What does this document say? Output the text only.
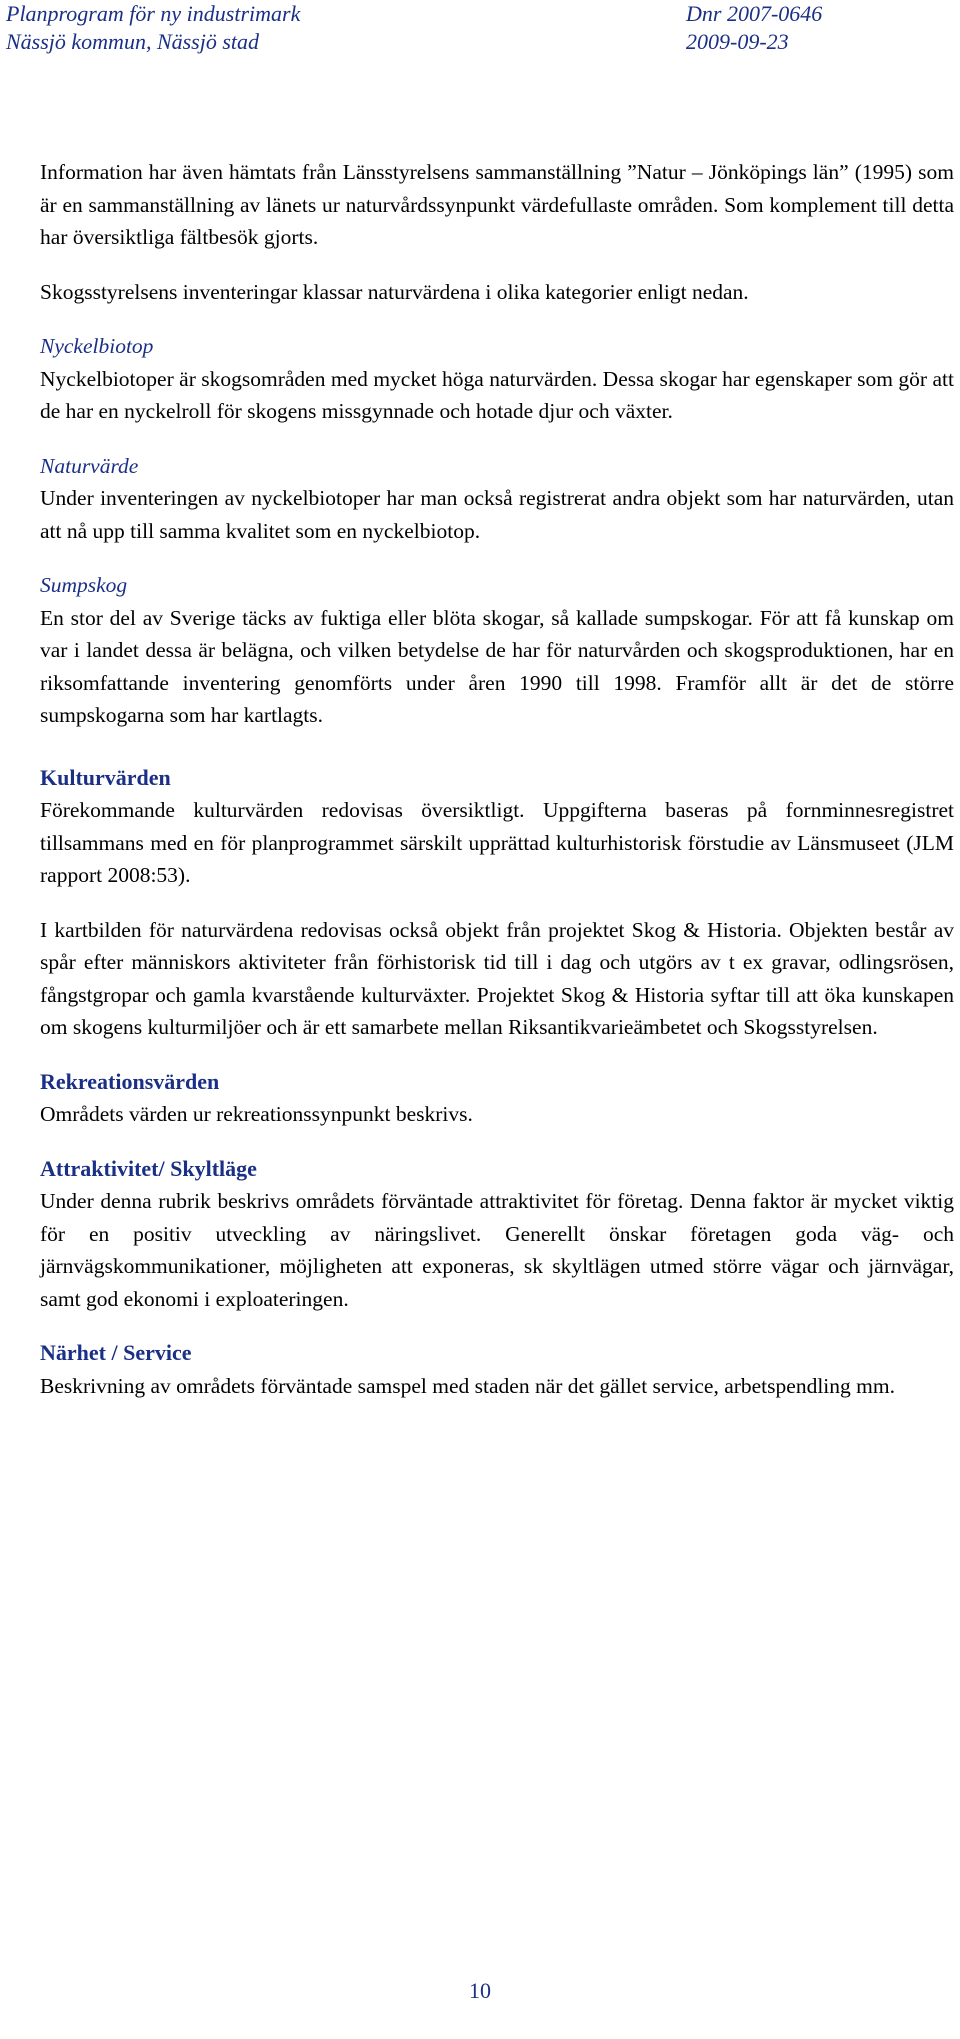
Planprogram för ny industrimark
Nässjö kommun, Nässjö stad
Dnr 2007-0646
2009-09-23

Information har även hämtats från Länsstyrelsens sammanställning ”Natur – Jönköpings län” (1995) som är en sammanställning av länets ur naturvårdssynpunkt värdefullaste områden. Som komplement till detta har översiktliga fältbesök gjorts.

Skogsstyrelsens inventeringar klassar naturvärdena i olika kategorier enligt nedan.

Nyckelbiotop

Nyckelbiotoper är skogsområden med mycket höga naturvärden. Dessa skogar har egenskaper som gör att de har en nyckelroll för skogens missgynnade och hotade djur och växter.

Naturvärde

Under inventeringen av nyckelbiotoper har man också registrerat andra objekt som har naturvärden, utan att nå upp till samma kvalitet som en nyckelbiotop.

Sumpskog

En stor del av Sverige täcks av fuktiga eller blöta skogar, så kallade sumpskogar. För att få kunskap om var i landet dessa är belägna, och vilken betydelse de har för naturvården och skogsproduktionen, har en riksomfattande inventering genomförts under åren 1990 till 1998. Framför allt är det de större sumpskogarna som har kartlagts.

Kulturvärden

Förekommande kulturvärden redovisas översiktligt. Uppgifterna baseras på fornminnesregistret tillsammans med en för planprogrammet särskilt upprättad kulturhistorisk förstudie av Länsmuseet (JLM rapport 2008:53).

I kartbilden för naturvärdena redovisas också objekt från projektet Skog & Historia. Objekten består av spår efter människors aktiviteter från förhistorisk tid till i dag och utgörs av t ex gravar, odlingsrösen, fångstgropar och gamla kvarstående kulturväxter. Projektet Skog & Historia syftar till att öka kunskapen om skogens kulturmiljöer och är ett samarbete mellan Riksantikvarieämbetet och Skogsstyrelsen.

Rekreationsvärden

Områdets värden ur rekreationssynpunkt beskrivs.

Attraktivitet/ Skyltläge

Under denna rubrik beskrivs områdets förväntade attraktivitet för företag. Denna faktor är mycket viktig för en positiv utveckling av näringslivet. Generellt önskar företagen goda väg- och järnvägskommunikationer, möjligheten att exponeras, sk skyltlägen utmed större vägar och järnvägar, samt god ekonomi i exploateringen.

Närhet / Service

Beskrivning av områdets förväntade samspel med staden när det gället service, arbetspendling mm.

10
